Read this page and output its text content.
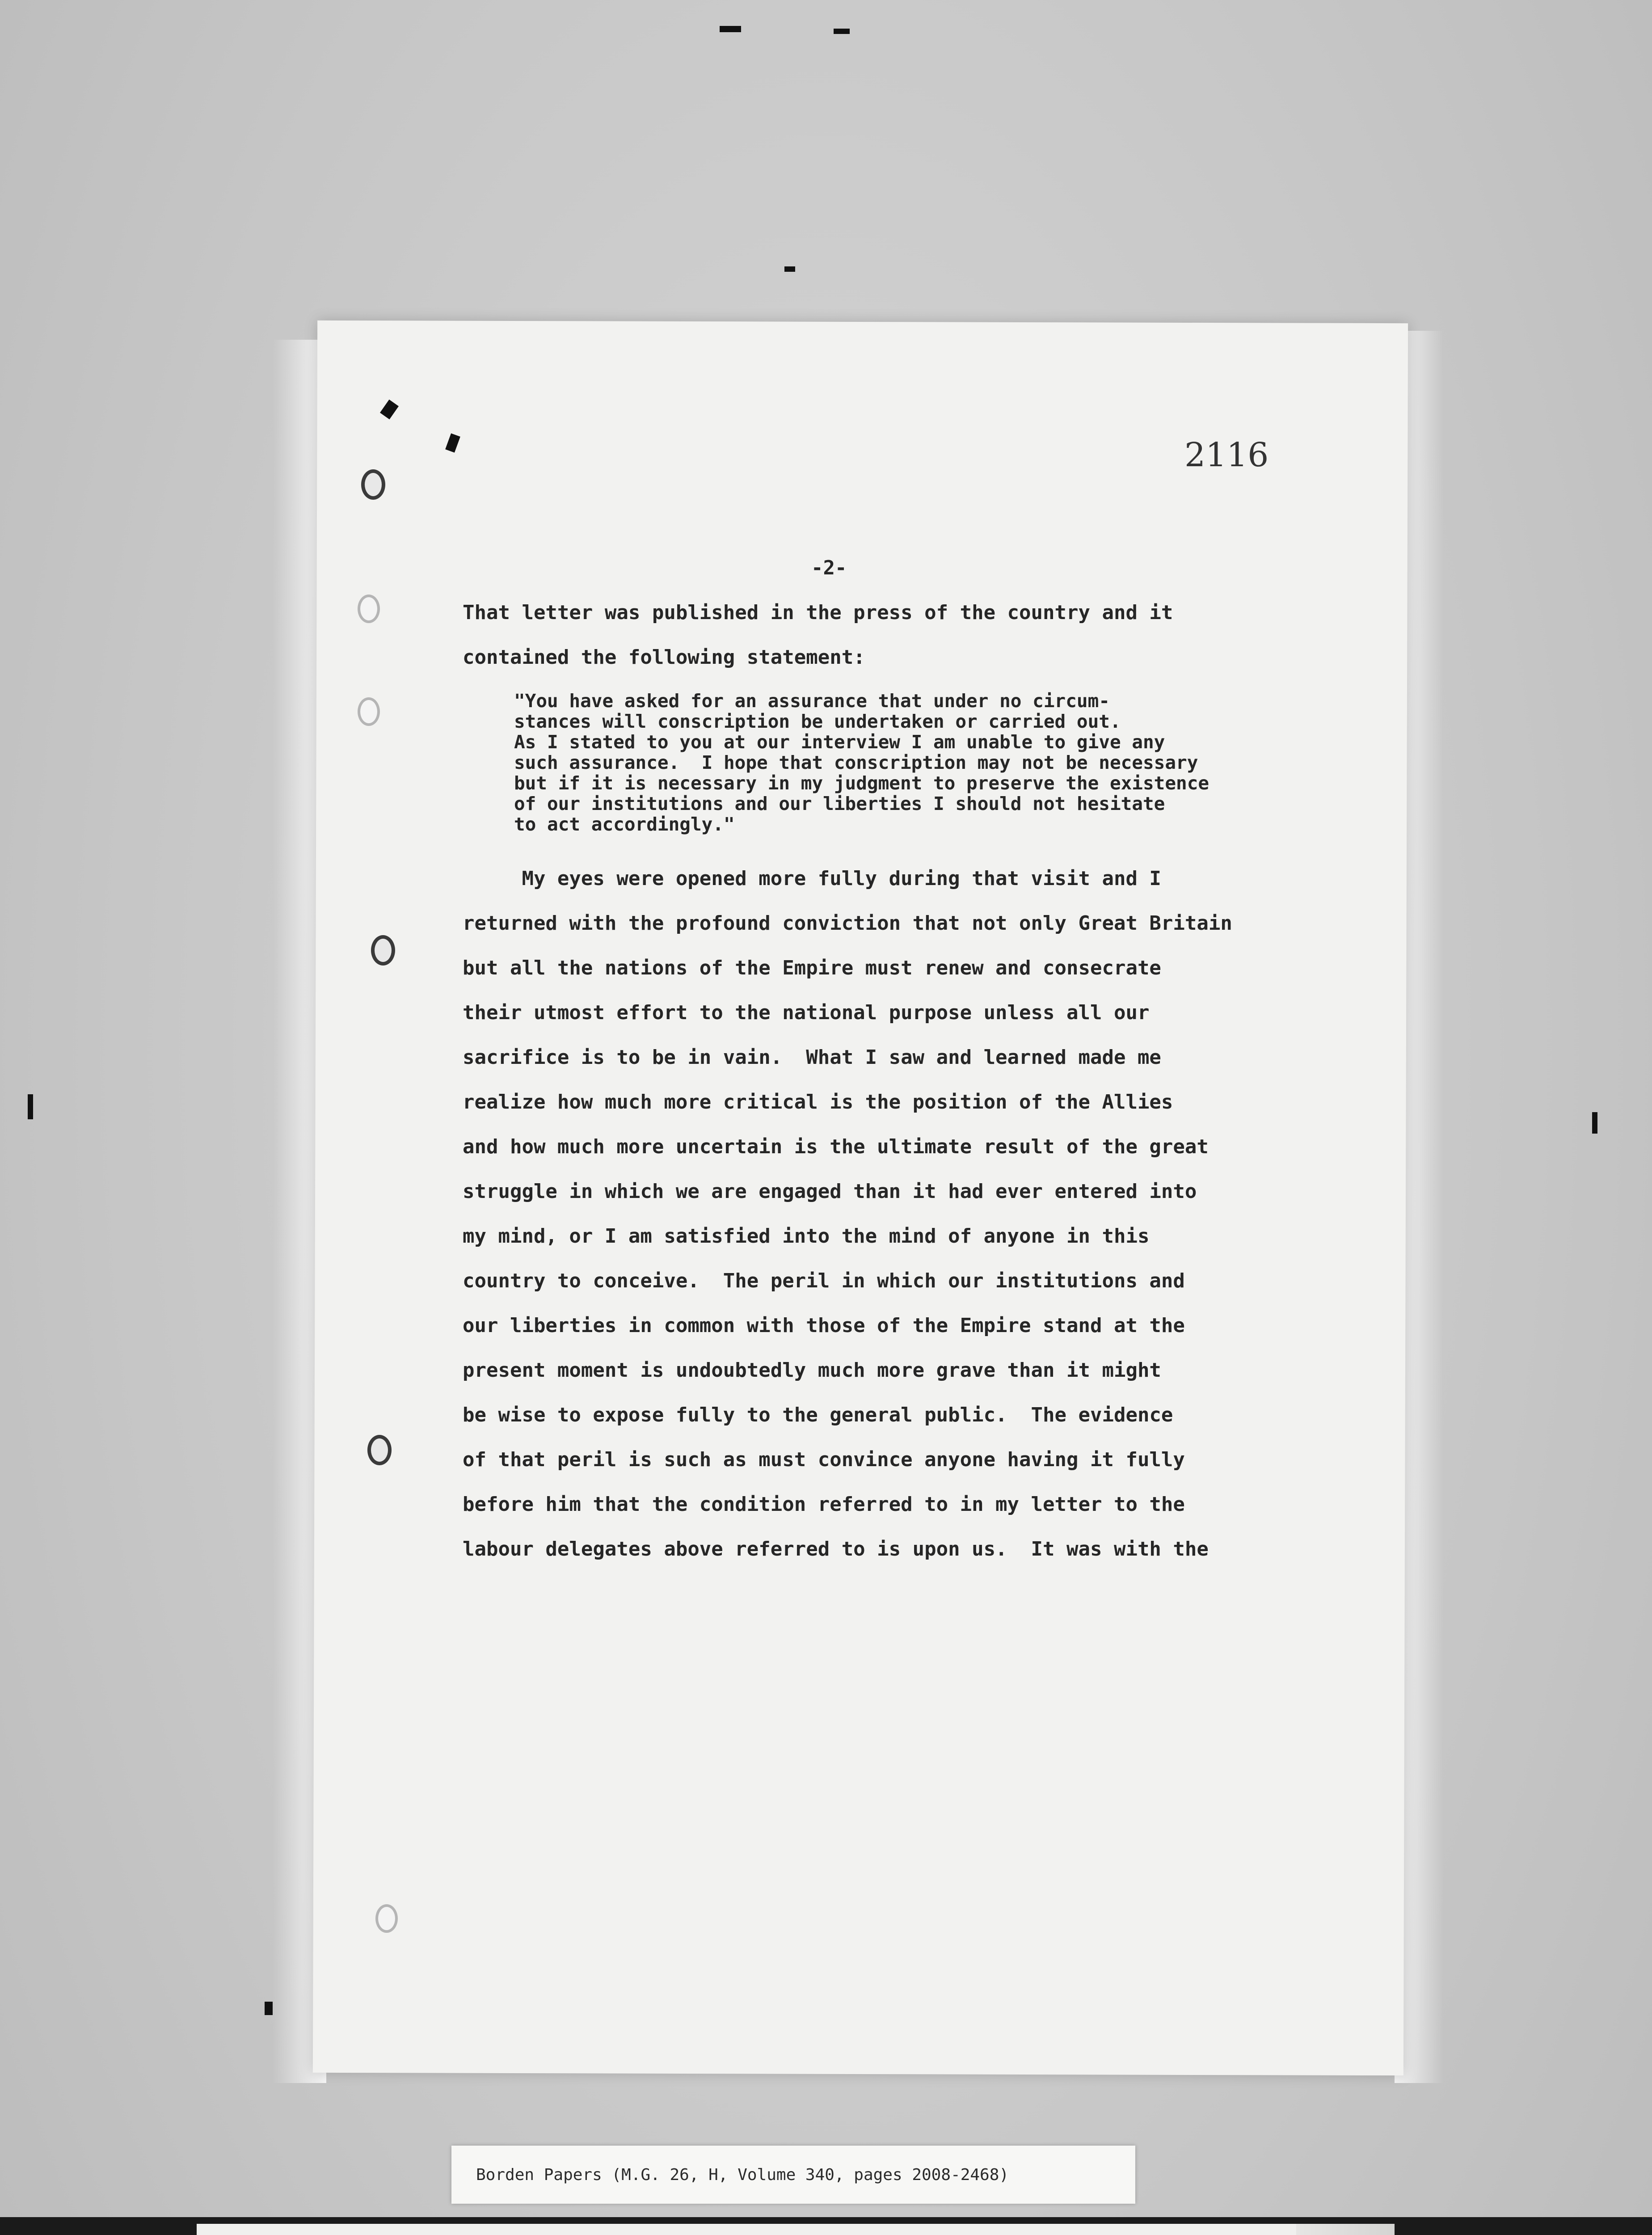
2116
-2-
That letter was published in the press of the country and it
contained the following statement:
"You have asked for an assurance that under no circum-
stances will conscription be undertaken or carried out.
As I stated to you at our interview I am unable to give any
such assurance.  I hope that conscription may not be necessary
but if it is necessary in my judgment to preserve the existence
of our institutions and our liberties I should not hesitate
to act accordingly."
My eyes were opened more fully during that visit and I
returned with the profound conviction that not only Great Britain
but all the nations of the Empire must renew and consecrate
their utmost effort to the national purpose unless all our
sacrifice is to be in vain.  What I saw and learned made me
realize how much more critical is the position of the Allies
and how much more uncertain is the ultimate result of the great
struggle in which we are engaged than it had ever entered into
my mind, or I am satisfied into the mind of anyone in this
country to conceive.  The peril in which our institutions and
our liberties in common with those of the Empire stand at the
present moment is undoubtedly much more grave than it might
be wise to expose fully to the general public.  The evidence
of that peril is such as must convince anyone having it fully
before him that the condition referred to in my letter to the
labour delegates above referred to is upon us.  It was with the
Borden Papers (M.G. 26, H, Volume 340, pages 2008-2468)
